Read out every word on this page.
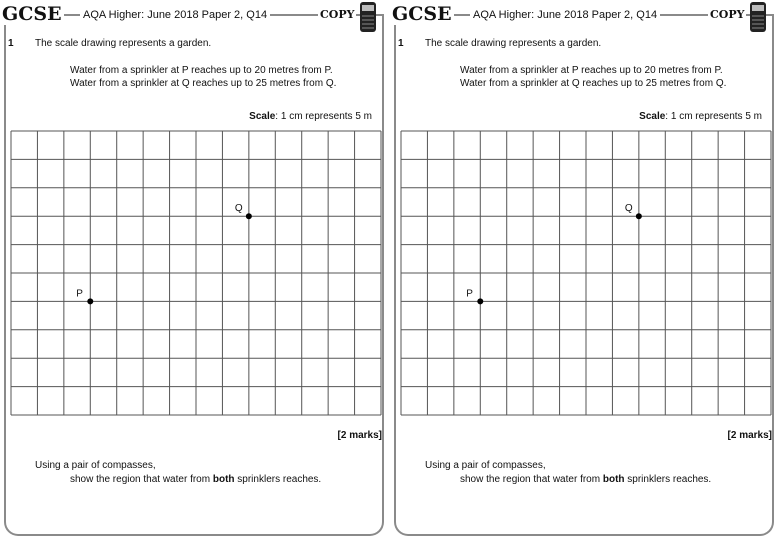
GCSE AQA Higher: June 2018 Paper 2, Q14	COPY
1 The scale drawing represents a garden.
Water from a sprinkler at P reaches up to 20 metres from P.
Water from a sprinkler at Q reaches up to 25 metres from Q.
Scale: 1 cm represents 5 m
P
Q
[2 marks]
Using a pair of compasses,
show the region that water from both sprinklers reaches.
GCSE AQA Higher: June 2018 Paper 2, Q14	COPY
1 The scale drawing represents a garden.
Water from a sprinkler at P reaches up to 20 metres from P.
Water from a sprinkler at Q reaches up to 25 metres from Q.
Scale: 1 cm represents 5 m
P
Q
[2 marks]
Using a pair of compasses,
show the region that water from both sprinklers reaches.
